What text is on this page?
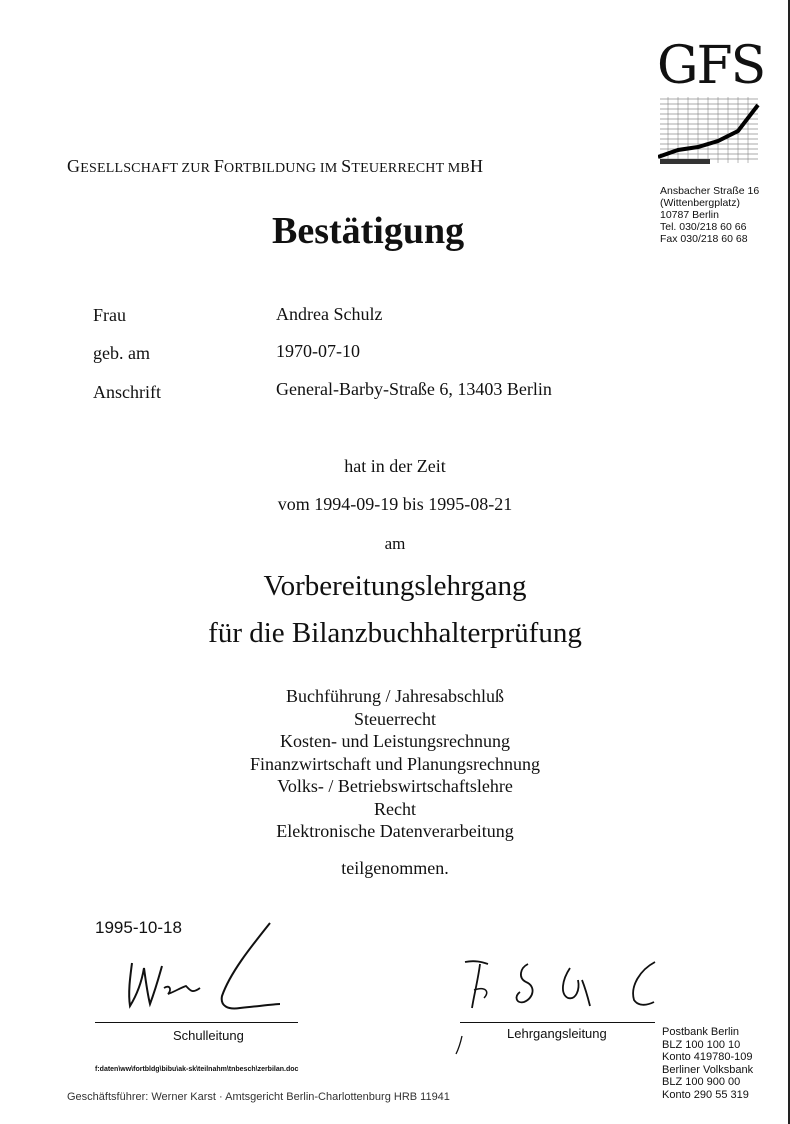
GFS
GESELLSCHAFT ZUR FORTBILDUNG IM STEUERRECHT MBH
Ansbacher Straße 16
(Wittenbergplatz)
10787 Berlin
Tel. 030/218 60 66
Fax 030/218 60 68
Bestätigung
Frau	Andrea Schulz
geb. am	1970-07-10
Anschrift	General-Barby-Straße 6, 13403 Berlin
hat in der Zeit
vom 1994-09-19 bis 1995-08-21
am
Vorbereitungslehrgang
für die Bilanzbuchhalterprüfung
Buchführung / Jahresabschluß
Steuerrecht
Kosten- und Leistungsrechnung
Finanzwirtschaft und Planungsrechnung
Volks- / Betriebswirtschaftslehre
Recht
Elektronische Datenverarbeitung
teilgenommen.
1995-10-18
Schulleitung	Lehrgangsleitung	Postbank Berlin
BLZ 100 100 10
Konto 419780-109
Berliner Volksbank
BLZ 100 900 00
Konto 290 55 319
f:daten\ww\fortbldg\bibu\ak-sk\teilnahm\tnbesch\zerbilan.doc
Geschäftsführer: Werner Karst · Amtsgericht Berlin-Charlottenburg HRB 11941
